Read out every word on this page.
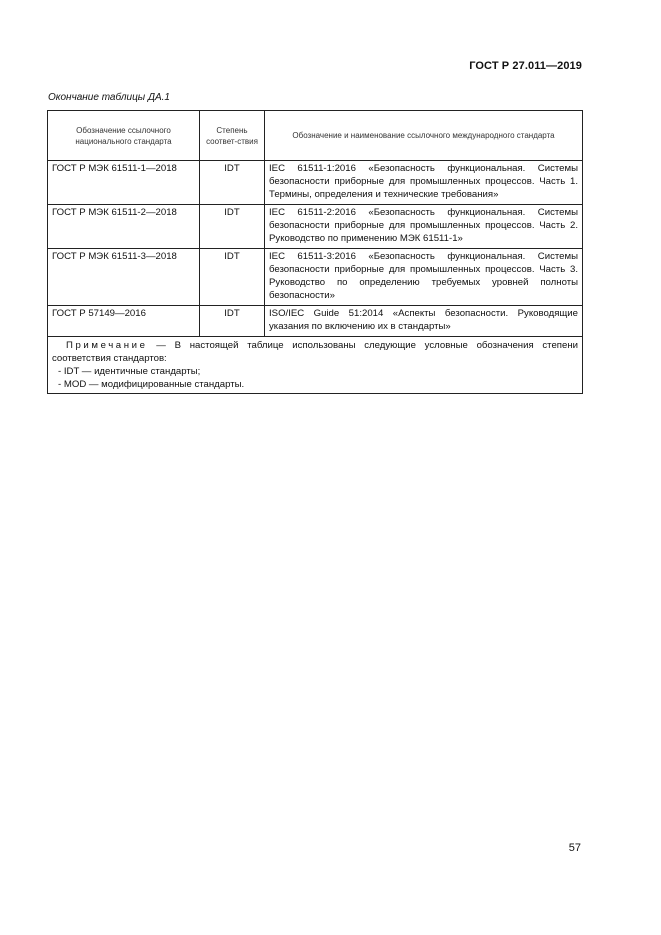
ГОСТ Р 27.011—2019
Окончание таблицы ДА.1
Обозначение ссылочного национального стандарта	Степень соответ-ствия	Обозначение и наименование ссылочного международного стандарта
ГОСТ Р МЭК 61511-1—2018	IDT	IEC 61511-1:2016 «Безопасность функциональная. Системы безопасности приборные для промышленных процессов. Часть 1. Термины, определения и технические требования»
ГОСТ Р МЭК 61511-2—2018	IDT	IEC 61511-2:2016 «Безопасность функциональная. Системы безопасности приборные для промышленных процессов. Часть 2. Руководство по применению МЭК 61511-1»
ГОСТ Р МЭК 61511-3—2018	IDT	IEC 61511-3:2016 «Безопасность функциональная. Системы безопасности приборные для промышленных процессов. Часть 3. Руководство по определению требуемых уровней полноты безопасности»
ГОСТ Р 57149—2016	IDT	ISO/IEC Guide 51:2014 «Аспекты безопасности. Руководящие указания по включению их в стандарты»

Примечание — В настоящей таблице использованы следующие условные обозначения степени соответствия стандартов:
- IDT — идентичные стандарты;
- MOD — модифицированные стандарты.		
57
